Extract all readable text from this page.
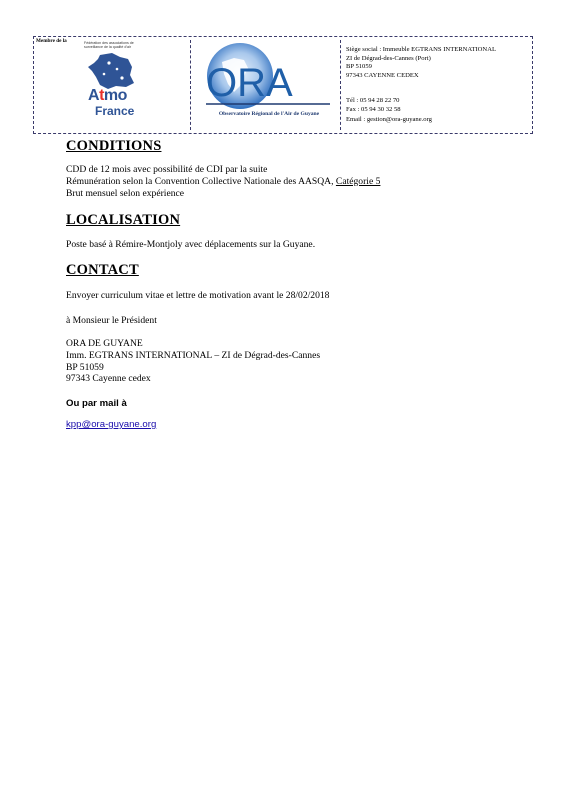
Membre de la	Fédération des associations de surveillance de la qualité d'air
Atmo
France
ORA
Observatoire Régional de l'Air de Guyane
Siège social : Immeuble EGTRANS INTERNATIONAL
ZI de Dégrad-des-Cannes (Port)
BP 51059
97343 CAYENNE CEDEX
Tél : 05 94 28 22 70
Fax : 05 94 30 32 58
Email : gestion@ora-guyane.org
CONDITIONS
CDD de 12 mois avec possibilité de CDI par la suite
Rémunération selon la Convention Collective Nationale des AASQA, Catégorie 5
Brut mensuel selon expérience
LOCALISATION
Poste basé à Rémire-Montjoly avec déplacements sur la Guyane.
CONTACT
Envoyer curriculum vitae et lettre de motivation avant le 28/02/2018
à Monsieur le Président
ORA DE GUYANE
Imm. EGTRANS INTERNATIONAL – ZI de Dégrad-des-Cannes
BP 51059
97343 Cayenne cedex
Ou par mail à
kpp@ora-guyane.org
